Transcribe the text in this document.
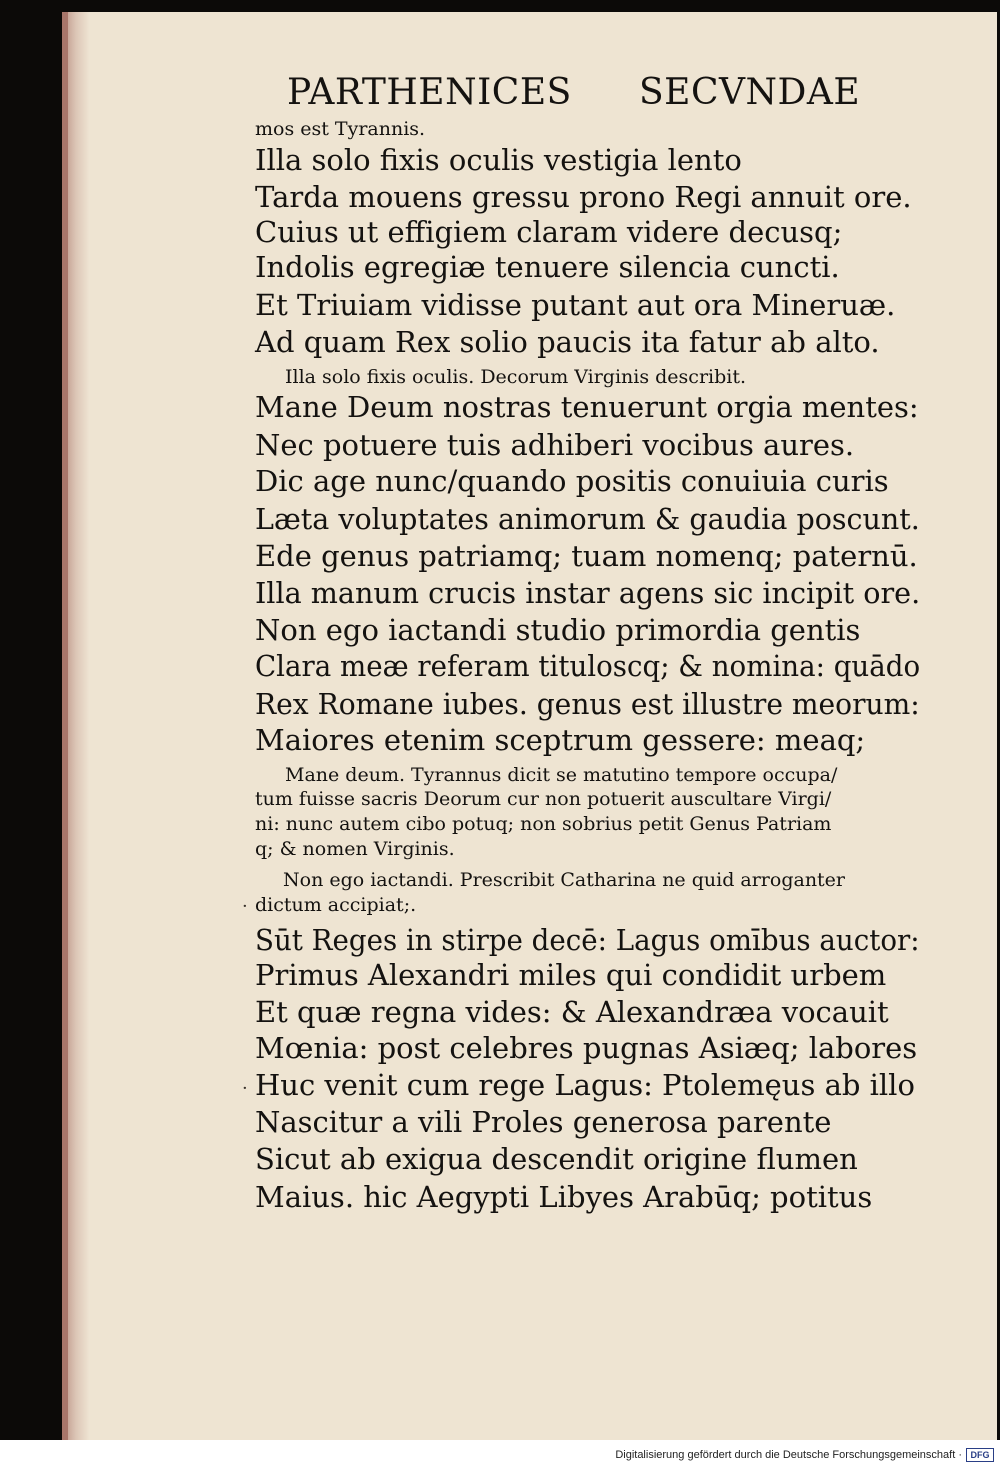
PARTHENICES SECVNDAE
mos est Tyrannis.
Illa solo fixis oculis vestigia lento
Tarda mouens gressu prono Regi annuit ore.
Cuius ut effigiem claram videre decusq;
Indolis egregiæ tenuere silencia cuncti.
Et Triuiam vidisse putant aut ora Mineruæ.
Ad quam Rex solio paucis ita fatur ab alto.
Illa solo fixis oculis. Decorum Virginis describit.
Mane Deum nostras tenuerunt orgia mentes:
Nec potuere tuis adhiberi vocibus aures.
Dic age nunc/quando positis conuiuia curis
Læta voluptates animorum & gaudia poscunt.
Ede genus patriamq; tuam nomenq; paternū.
Illa manum crucis instar agens sic incipit ore.
Non ego iactandi studio primordia gentis
Clara meæ referam tituloscq; & nomina: quādo
Rex Romane iubes. genus est illustre meorum:
Maiores etenim sceptrum gessere: meaq;
Mane deum. Tyrannus dicit se matutino tempore occupa/
tum fuisse sacris Deorum cur non potuerit auscultare Virgi/
ni: nunc autem cibo potuq; non sobrius petit Genus Patriam
q; & nomen Virginis.
Non ego iactandi. Prescribit Catharina ne quid arroganter
dictum accipiat;.
Sūt Reges in stirpe decē: Lagus omībus auctor:
Primus Alexandri miles qui condidit urbem
Et quæ regna vides: & Alexandræa vocauit
Mœnia: post celebres pugnas Asiæq; labores
Huc venit cum rege Lagus: Ptolemęus ab illo
Nascitur a vili Proles generosa parente
Sicut ab exigua descendit origine flumen
Maius. hic Aegypti Libyes Arabūq; potitus
·
·
Digitalisierung gefördert durch die Deutsche Forschungsgemeinschaft · DFG
